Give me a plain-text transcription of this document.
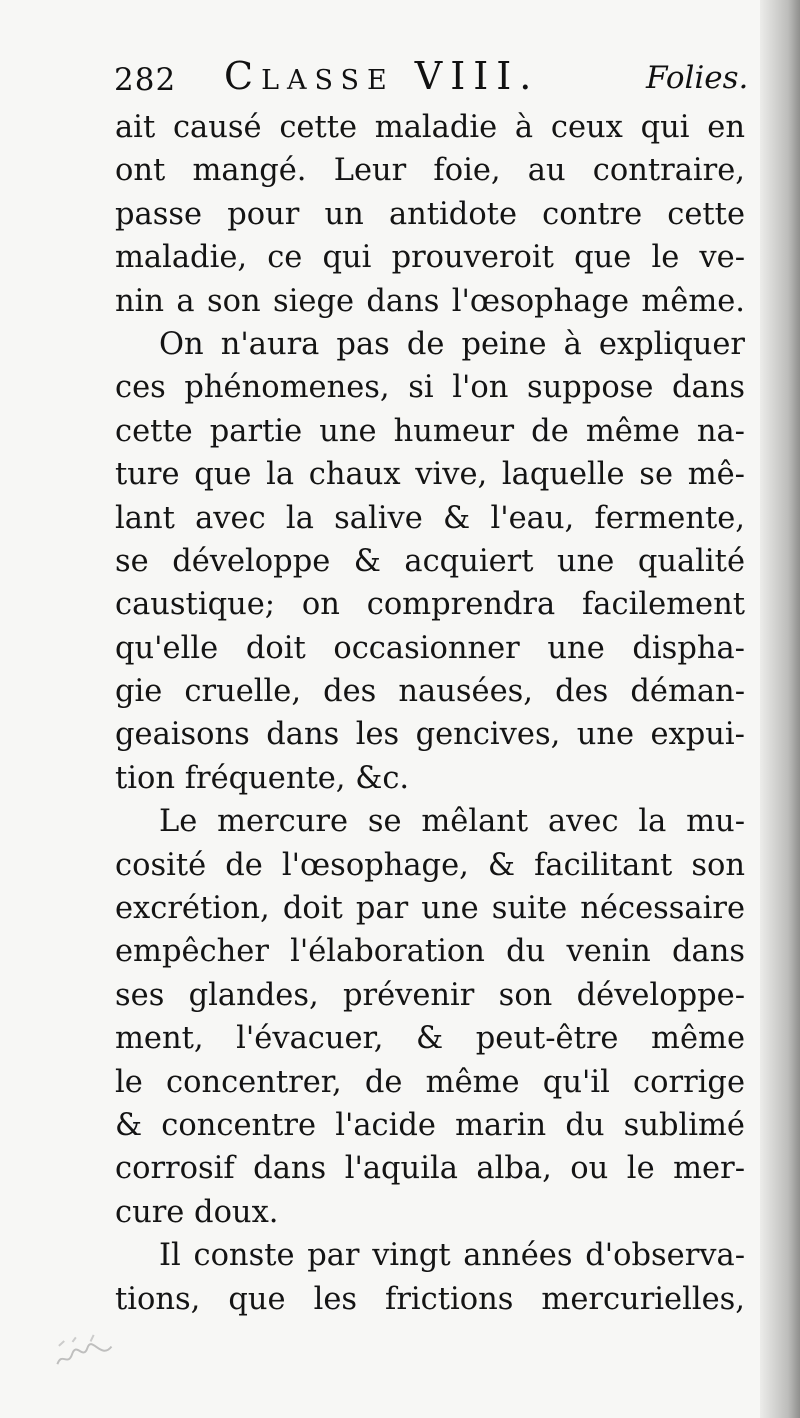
282 Classe VIII.	Folies.
ait causé cette maladie à ceux qui en
ont mangé. Leur foie, au contraire,
passe pour un antidote contre cette
maladie, ce qui prouveroit que le ve-
nin a son siege dans l'œsophage même.
On n'aura pas de peine à expliquer
ces phénomenes, si l'on suppose dans
cette partie une humeur de même na-
ture que la chaux vive, laquelle se mê-
lant avec la salive & l'eau, fermente,
se développe & acquiert une qualité
caustique; on comprendra facilement
qu'elle doit occasionner une dispha-
gie cruelle, des nausées, des déman-
geaisons dans les gencives, une expui-
tion fréquente, &c.
Le mercure se mêlant avec la mu-
cosité de l'œsophage, & facilitant son
excrétion, doit par une suite nécessaire
empêcher l'élaboration du venin dans
ses glandes, prévenir son développe-
ment, l'évacuer, & peut-être même
le concentrer, de même qu'il corrige
& concentre l'acide marin du sublimé
corrosif dans l'aquila alba, ou le mer-
cure doux.
Il conste par vingt années d'observa-
tions, que les frictions mercurielles,
